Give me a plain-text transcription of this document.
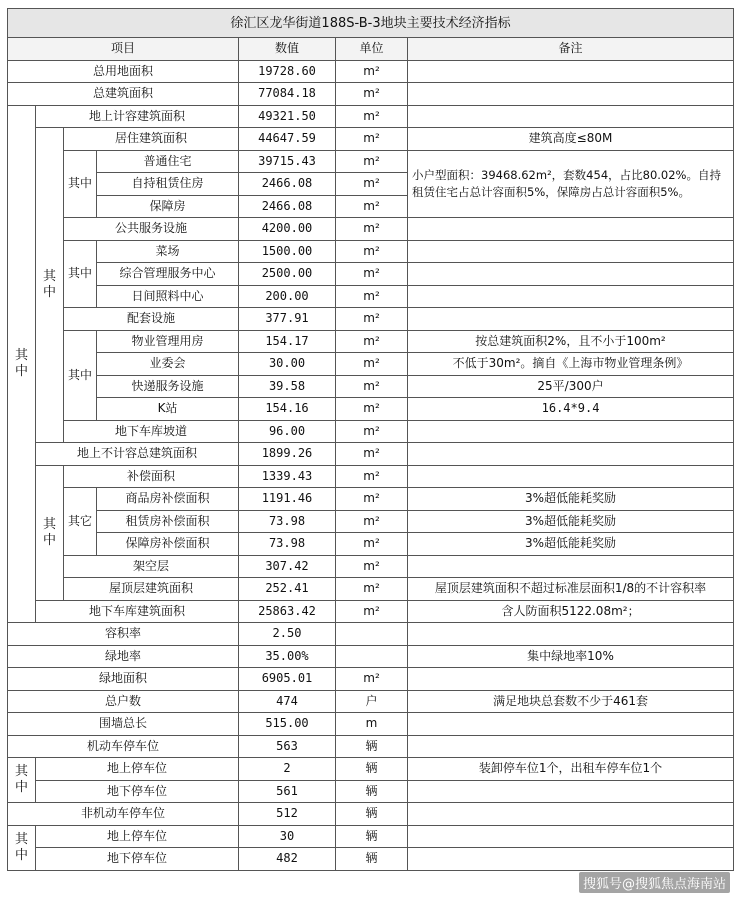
徐汇区龙华街道188S-B-3地块主要技术经济指标						
项目				数值	单位	备注
总用地面积				19728.60	m²	
总建筑面积				77084.18	m²	
其中	地上计容建筑面积			49321.50	m²	
	其中	居住建筑面积		44647.59	m²	建筑高度≤80M
		其中	普通住宅	39715.43	m²	小户型面积：39468.62m²，套数454，占比80.02%。自持租赁住宅占总计容面积5%，保障房占总计容面积5%。
			自持租赁住房	2466.08	m²	
			保障房	2466.08	m²	
		公共服务设施		4200.00	m²	
		其中	菜场	1500.00	m²	
			综合管理服务中心	2500.00	m²	
			日间照料中心	200.00	m²	
		配套设施		377.91	m²	
		其中	物业管理用房	154.17	m²	按总建筑面积2%，且不小于100m²
			业委会	30.00	m²	不低于30m²。摘自《上海市物业管理条例》
			快递服务设施	39.58	m²	25平/300户
			K站	154.16	m²	16.4*9.4
		地下车库坡道		96.00	m²	
	地上不计容总建筑面积			1899.26	m²	
	其中	补偿面积		1339.43	m²	
		其它	商品房补偿面积	1191.46	m²	3%超低能耗奖励
			租赁房补偿面积	73.98	m²	3%超低能耗奖励
			保障房补偿面积	73.98	m²	3%超低能耗奖励
		架空层		307.42	m²	
		屋顶层建筑面积		252.41	m²	屋顶层建筑面积不超过标准层面积1/8的不计容积率
	地下车库建筑面积			25863.42	m²	含人防面积5122.08m²；
容积率				2.50		
绿地率				35.00%		集中绿地率10%
绿地面积				6905.01	m²	
总户数				474	户	满足地块总套数不少于461套
围墙总长				515.00	m	
机动车停车位				563	辆	
其中	地上停车位			2	辆	装卸停车位1个，出租车停车位1个
	地下停车位			561	辆	
非机动车停车位				512	辆	
其中	地上停车位			30	辆	
	地下停车位			482	辆	
搜狐号@搜狐焦点海南站
